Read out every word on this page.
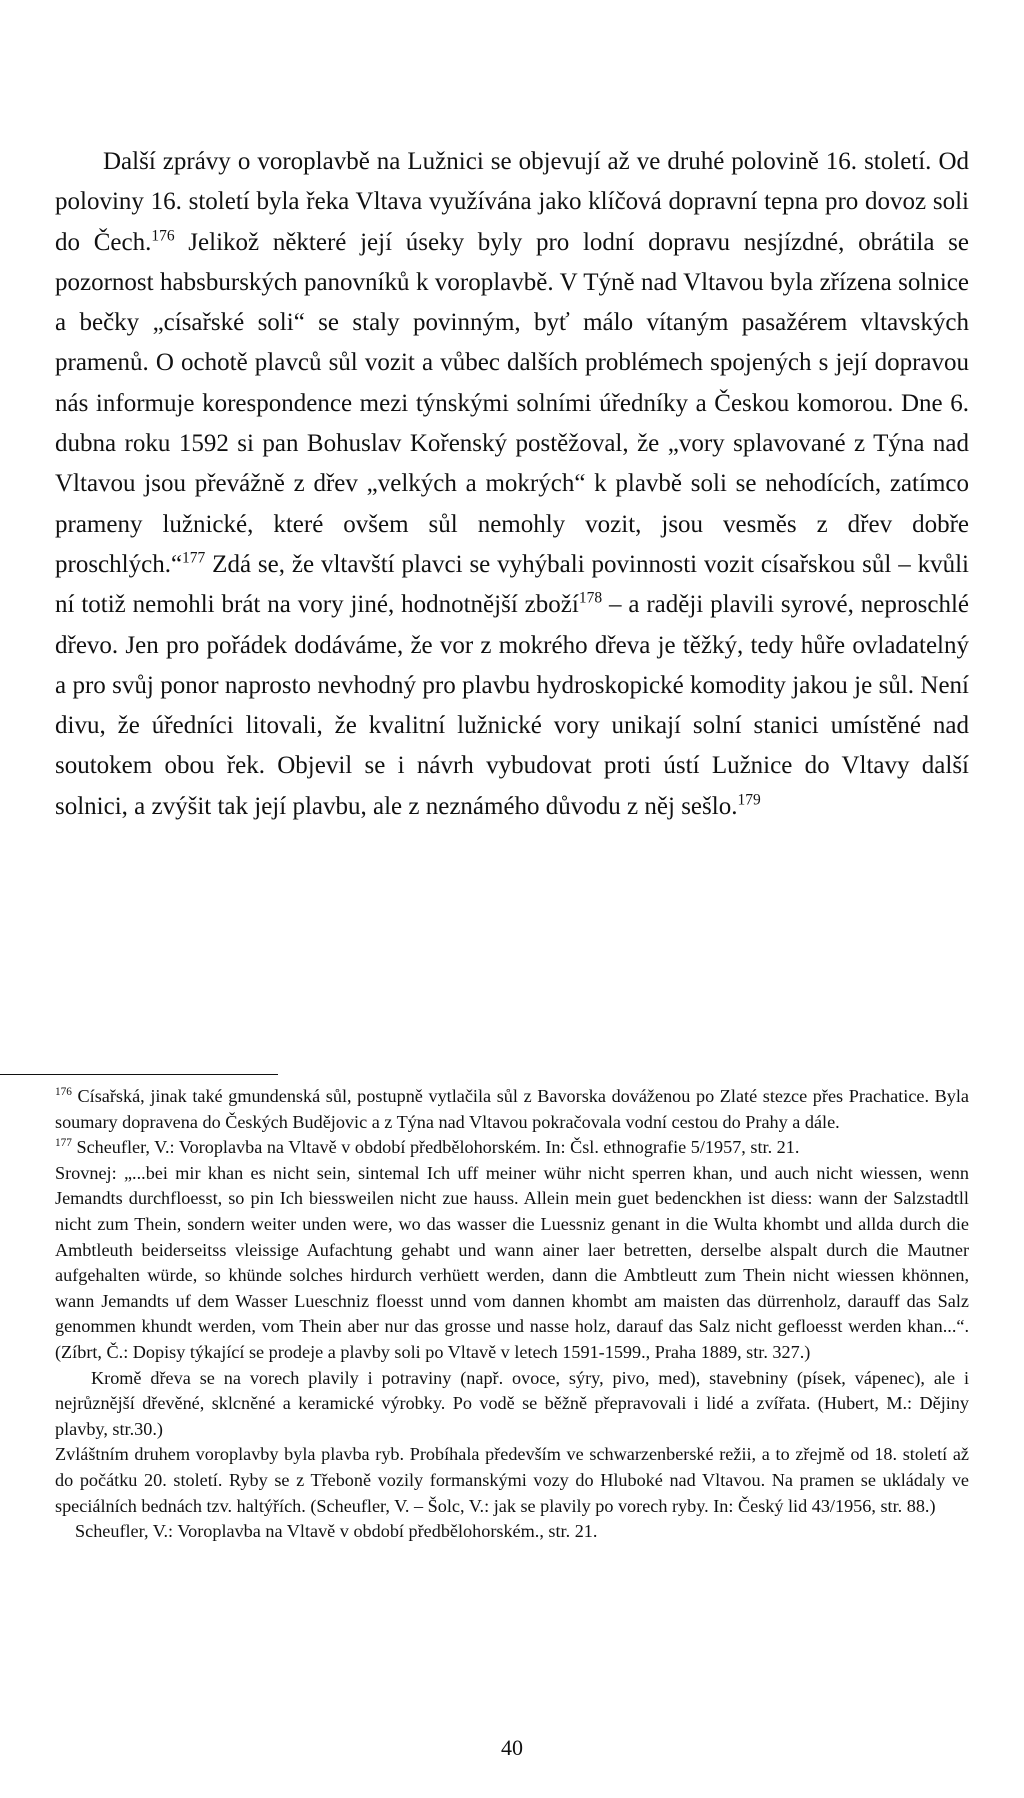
Další zprávy o voroplavbě na Lužnici se objevují až ve druhé polovině 16. století. Od poloviny 16. století byla řeka Vltava využívána jako klíčová dopravní tepna pro dovoz soli do Čech.$^{176}$ Jelikož některé její úseky byly pro lodní dopravu nesjízdné, obrátila se pozornost habsburských panovníků k voroplavbě. V Týně nad Vltavou byla zřízena solnice a bečky „císařské soli“ se staly povinným, byť málo vítaným pasažérem vltavských pramenů. O ochotě plavců sůl vozit a vůbec dalších problémech spojených s její dopravou nás informuje korespondence mezi týnskými solními úředníky a Českou komorou. Dne 6. dubna roku 1592 si pan Bohuslav Kořenský postěžoval, že „vory splavované z Týna nad Vltavou jsou převážně z dřev „velkých a mokrých“ k plavbě soli se nehodících, zatímco prameny lužnické, které ovšem sůl nemohly vozit, jsou vesměs z dřev dobře proschlých.“$^{177}$ Zdá se, že vltavští plavci se vyhýbali povinnosti vozit císařskou sůl – kvůli ní totiž nemohli brát na vory jiné, hodnotnější zboží$^{178}$ – a raději plavili syrové, neproschlé dřevo. Jen pro pořádek dodáváme, že vor z mokrého dřeva je těžký, tedy hůře ovladatelný a pro svůj ponor naprosto nevhodný pro plavbu hydroskopické komodity jakou je sůl. Není divu, že úředníci litovali, že kvalitní lužnické vory unikají solní stanici umístěné nad soutokem obou řek. Objevil se i návrh vybudovat proti ústí Lužnice do Vltavy další solnici, a zvýšit tak její plavbu, ale z neznámého důvodu z něj sešlo.$^{179}$

$^{176}$ Císařská, jinak také gmundenská sůl, postupně vytlačila sůl z Bavorska dováženou po Zlaté stezce přes Prachatice. Byla soumary dopravena do Českých Budějovic a z Týna nad Vltavou pokračovala vodní cestou do Prahy a dále.

$^{177}$ Scheufler, V.: Voroplavba na Vltavě v období předbělohorském. In: Čsl. ethnografie 5/1957, str. 21.

Srovnej: „...bei mir khan es nicht sein, sintemal Ich uff meiner wühr nicht sperren khan, und auch nicht wiessen, wenn Jemandts durchfloesst, so pin Ich biessweilen nicht zue hauss. Allein mein guet bedenckhen ist diess: wann der Salzstadtll nicht zum Thein, sondern weiter unden were, wo das wasser die Luessniz genant in die Wulta khombt und allda durch die Ambtleuth beiderseitss vleissige Aufachtung gehabt und wann ainer laer betretten, derselbe alspalt durch die Mautner aufgehalten würde, so khünde solches hirdurch verhüett werden, dann die Ambtleutt zum Thein nicht wiessen khönnen, wann Jemandts uf dem Wasser Lueschniz floesst unnd vom dannen khombt am maisten das dürrenholz, darauff das Salz genommen khundt werden, vom Thein aber nur das grosse und nasse holz, darauf das Salz nicht gefloesst werden khan...“. (Zíbrt, Č.: Dopisy týkající se prodeje a plavby soli po Vltavě v letech 1591-1599., Praha 1889, str. 327.)

Kromě dřeva se na vorech plavily i potraviny (např. ovoce, sýry, pivo, med), stavebniny (písek, vápenec), ale i nejrůznější dřevěné, sklcněné a keramické výrobky. Po vodě se běžně přepravovali i lidé a zvířata. (Hubert, M.: Dějiny plavby, str.30.)

Zvláštním druhem voroplavby byla plavba ryb. Probíhala především ve schwarzenberské režii, a to zřejmě od 18. století až do počátku 20. století. Ryby se z Třeboně vozily formanskými vozy do Hluboké nad Vltavou. Na pramen se ukládaly ve speciálních bednách tzv. haltýřích. (Scheufler, V. – Šolc, V.: jak se plavily po vorech ryby. In: Český lid 43/1956, str. 88.)

Scheufler, V.: Voroplavba na Vltavě v období předbělohorském., str. 21.

40
